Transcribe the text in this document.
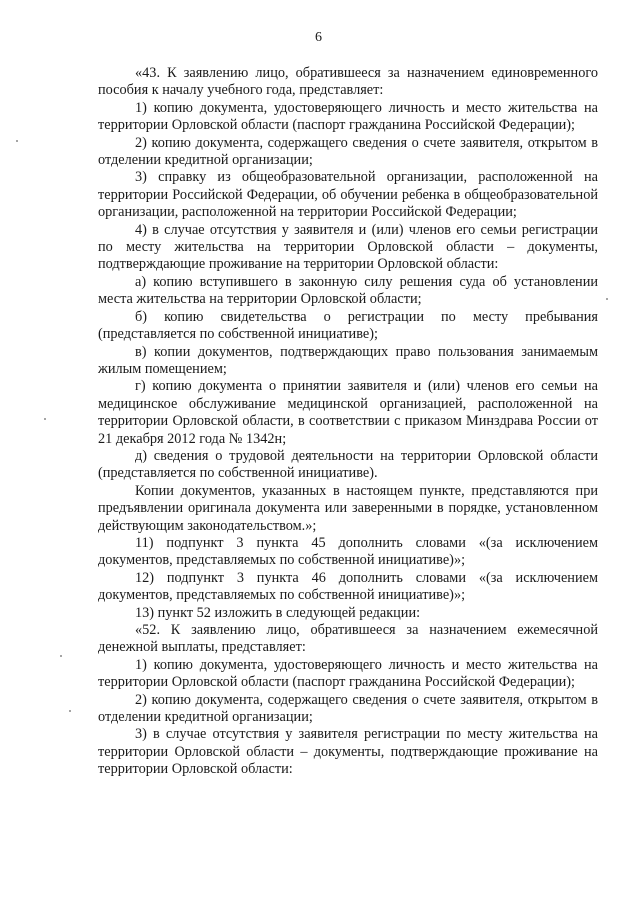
6

«43. К заявлению лицо, обратившееся за назначением единовременного пособия к началу учебного года, представляет:

1) копию документа, удостоверяющего личность и место жительства на территории Орловской области (паспорт гражданина Российской Федерации);

2) копию документа, содержащего сведения о счете заявителя, открытом в отделении кредитной организации;

3) справку из общеобразовательной организации, расположенной на территории Российской Федерации, об обучении ребенка в общеобразовательной организации, расположенной на территории Российской Федерации;

4) в случае отсутствия у заявителя и (или) членов его семьи регистрации по месту жительства на территории Орловской области – документы, подтверждающие проживание на территории Орловской области:

а) копию вступившего в законную силу решения суда об установлении места жительства на территории Орловской области;

б) копию свидетельства о регистрации по месту пребывания (представляется по собственной инициативе);

в) копии документов, подтверждающих право пользования занимаемым жилым помещением;

г) копию документа о принятии заявителя и (или) членов его семьи на медицинское обслуживание медицинской организацией, расположенной на территории Орловской области, в соответствии с приказом Минздрава России от 21 декабря 2012 года № 1342н;

д) сведения о трудовой деятельности на территории Орловской области (представляется по собственной инициативе).

Копии документов, указанных в настоящем пункте, представляются при предъявлении оригинала документа или заверенными в порядке, установленном действующим законодательством.»;

11) подпункт 3 пункта 45 дополнить словами «(за исключением документов, представляемых по собственной инициативе)»;

12) подпункт 3 пункта 46 дополнить словами «(за исключением документов, представляемых по собственной инициативе)»;

13) пункт 52 изложить в следующей редакции:

«52. К заявлению лицо, обратившееся за назначением ежемесячной денежной выплаты, представляет:

1) копию документа, удостоверяющего личность и место жительства на территории Орловской области (паспорт гражданина Российской Федерации);

2) копию документа, содержащего сведения о счете заявителя, открытом в отделении кредитной организации;

3) в случае отсутствия у заявителя регистрации по месту жительства на территории Орловской области – документы, подтверждающие проживание на территории Орловской области:
